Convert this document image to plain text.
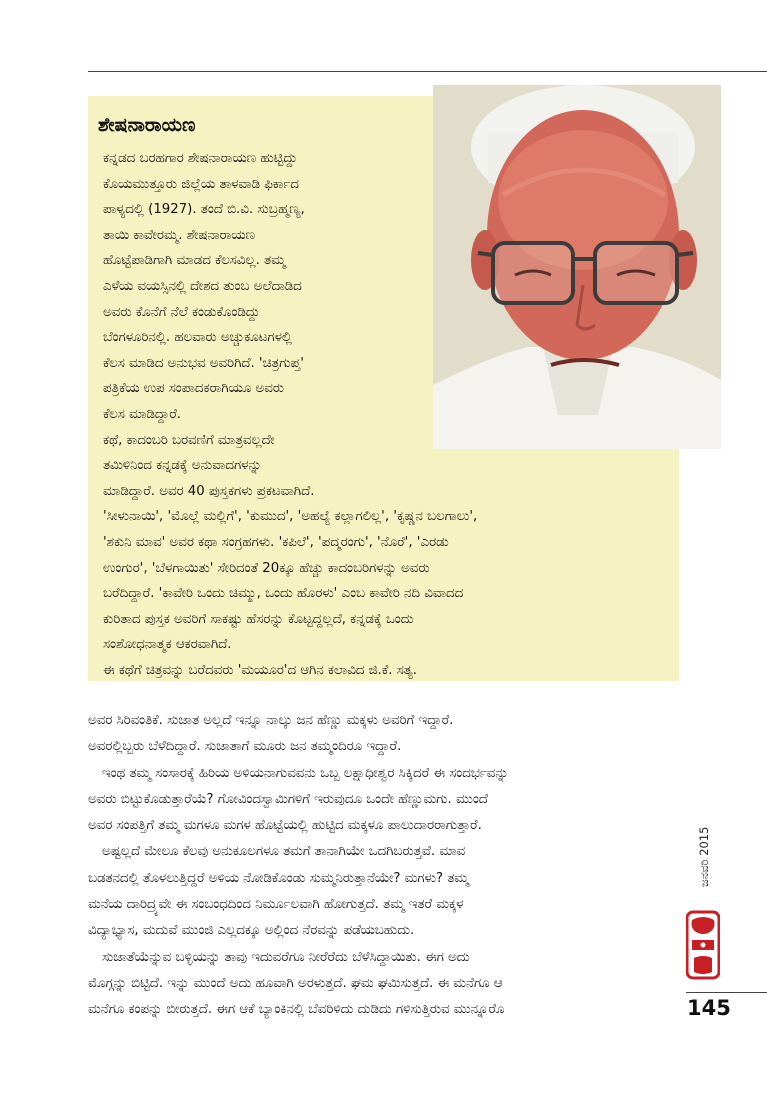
ಶೇಷನಾರಾಯಣ
ಕನ್ನಡದ ಬರಹಗಾರ ಶೇಷನಾರಾಯಣ ಹುಟ್ಟಿದ್ದು
ಕೊಯಮುತ್ತೂರು ಜಿಲ್ಲೆಯ ತಾಳವಾಡಿ ಫಿರ್ಕಾದ
ಪಾಳ್ಯದಲ್ಲಿ (1927). ತಂದೆ ಬಿ.ವಿ. ಸುಬ್ರಹ್ಮಣ್ಯ,
ತಾಯಿ ಕಾವೇರಮ್ಮ. ಶೇಷನಾರಾಯಣ
ಹೊಟ್ಟೆಪಾಡಿಗಾಗಿ ಮಾಡದ ಕೆಲಸವಿಲ್ಲ. ತಮ್ಮ
ಎಳೆಯ ವಯಸ್ಸಿನಲ್ಲಿ ದೇಶದ ತುಂಬ ಅಲೆದಾಡಿದ
ಅವರು ಕೊನೆಗೆ ನೆಲೆ ಕಂಡುಕೊಂಡಿದ್ದು
ಬೆಂಗಳೂರಿನಲ್ಲಿ. ಹಲವಾರು ಅಚ್ಚುಕೂಟಗಳಲ್ಲಿ
ಕೆಲಸ ಮಾಡಿದ ಅನುಭವ ಅವರಿಗಿದೆ. 'ಚಿತ್ರಗುಪ್ತ'
ಪತ್ರಿಕೆಯ ಉಪ ಸಂಪಾದಕರಾಗಿಯೂ ಅವರು
ಕೆಲಸ ಮಾಡಿದ್ದಾರೆ.
ಕಥೆ, ಕಾದಂಬರಿ ಬರವಣಿಗೆ ಮಾತ್ರವಲ್ಲದೇ
ತಮಿಳಿನಿಂದ ಕನ್ನಡಕ್ಕೆ ಅನುವಾದಗಳನ್ನು
ಮಾಡಿದ್ದಾರೆ. ಅವರ 40 ಪುಸ್ತಕಗಳು ಪ್ರಕಟವಾಗಿದೆ.
'ಸೀಳುನಾಯಿ', 'ಮೊಲ್ಲೆ ಮಲ್ಲಿಗೆ', 'ಕುಮುದ', 'ಅಹಲ್ಯೆ ಕಲ್ಲಾಗಲಿಲ್ಲ', 'ಕೃಷ್ಣನ ಬಲಗಾಲು',
'ಶಕುನಿ ಮಾವ' ಅವರ ಕಥಾ ಸಂಗ್ರಹಗಳು. 'ಕಪಿಲೆ', 'ಪದ್ಮರಂಗು', 'ನೊರೆ', 'ಎರಡು
ಉಂಗುರ', 'ಬೆಳಗಾಯಿತು' ಸೇರಿದಂತೆ 20ಕ್ಕೂ ಹೆಚ್ಚು ಕಾದಂಬರಿಗಳನ್ನು ಅವರು
ಬರೆದಿದ್ದಾರೆ. 'ಕಾವೇರಿ ಒಂದು ಚಿಮ್ಮು, ಒಂದು ಹೊರಳು' ಎಂಬ ಕಾವೇರಿ ನದಿ ವಿವಾದದ
ಕುರಿತಾದ ಪುಸ್ತಕ ಅವರಿಗೆ ಸಾಕಷ್ಟು ಹೆಸರನ್ನು ಕೊಟ್ಟದ್ದಲ್ಲದೆ, ಕನ್ನಡಕ್ಕೆ ಒಂದು
ಸಂಶೋಧನಾತ್ಮಕ ಆಕರವಾಗಿದೆ.
ಈ ಕಥೆಗೆ ಚಿತ್ರವನ್ನು ಬರೆದವರು 'ಮಯೂರ'ದ ಆಗಿನ ಕಲಾವಿದ ಜಿ.ಕೆ. ಸತ್ಯ.
ಅವರ ಸಿರಿವಂತಿಕೆ. ಸುಜಾತ ಅಲ್ಲದೆ ಇನ್ನೂ ನಾಲ್ಕು ಜನ ಹೆಣ್ಣು ಮಕ್ಕಳು ಅವರಿಗೆ ಇದ್ದಾರೆ.
ಅವರಲ್ಲಿಬ್ಬರು ಬೆಳೆದಿದ್ದಾರೆ. ಸುಜಾತಾಗೆ ಮೂರು ಜನ ತಮ್ಮಂದಿರೂ ಇದ್ದಾರೆ.
ಇಂಥ ತಮ್ಮ ಸಂಸಾರಕ್ಕೆ ಹಿರಿಯ ಅಳಿಯನಾಗುವವನು ಒಬ್ಬ ಲಕ್ಷಾಧೀಶ್ವರ ಸಿಕ್ಕಿದರೆ ಈ ಸಂದರ್ಭವನ್ನು
ಅವರು ಬಿಟ್ಟುಕೊಡುತ್ತಾರೆಯೆ? ಗೋವಿಂದಸ್ವಾಮಿಗಳಿಗೆ ಇರುವುದೂ ಒಂದೇ ಹೆಣ್ಣುಮಗು. ಮುಂದೆ
ಅವರ ಸಂಪತ್ತಿಗೆ ತಮ್ಮ ಮಗಳೂ ಮಗಳ ಹೊಟ್ಟೆಯಲ್ಲಿ ಹುಟ್ಟಿದ ಮಕ್ಕಳೂ ಪಾಲುದಾರರಾಗುತ್ತಾರೆ.
ಅಷ್ಟಲ್ಲದೆ ಮೇಲೂ ಕೆಲವು ಅನುಕೂಲಗಳೂ ತಮಗೆ ತಾನಾಗಿಯೇ ಒದಗಿಬರುತ್ತವೆ. ಮಾವ
ಬಡತನದಲ್ಲಿ ತೊಳಲುತ್ತಿದ್ದರೆ ಅಳಿಯ ನೋಡಿಕೊಂಡು ಸುಮ್ಮನಿರುತ್ತಾನೆಯೇ? ಮಗಳು? ತಮ್ಮ
ಮನೆಯ ದಾರಿದ್ರ್ಯವೇ ಈ ಸಂಬಂಧದಿಂದ ನಿರ್ಮೂಲವಾಗಿ ಹೋಗುತ್ತದೆ. ತಮ್ಮ ಇತರೆ ಮಕ್ಕಳ
ವಿದ್ಯಾಭ್ಯಾಸ, ಮದುವೆ ಮುಂಜಿ ಎಲ್ಲದಕ್ಕೂ ಅಲ್ಲಿಂದ ನೆರವನ್ನು ಪಡೆಯಬಹುದು.
ಸುಜಾತೆಯೆನ್ನುವ ಬಳ್ಳಿಯನ್ನು ತಾವು ಇದುವರೆಗೂ ನೀರೆರೆದು ಬೆಳೆಸಿದ್ದಾಯಿತು. ಈಗ ಅದು
ಮೊಗ್ಗನ್ನು ಬಿಟ್ಟಿದೆ. ಇನ್ನು ಮುಂದೆ ಅದು ಹೂವಾಗಿ ಅರಳುತ್ತದೆ. ಘಮ ಘಮಿಸುತ್ತದೆ. ಈ ಮನೆಗೂ ಆ
ಮನೆಗೂ ಕಂಪನ್ನು ಬೀರುತ್ತದೆ. ಈಗ ಆಕೆ ಬ್ಯಾಂಕಿನಲ್ಲಿ ಬೆವರಿಳಿದು ದುಡಿದು ಗಳಿಸುತ್ತಿರುವ ಮುನ್ನೂರೊ
ಜನವರಿ 2015
145
